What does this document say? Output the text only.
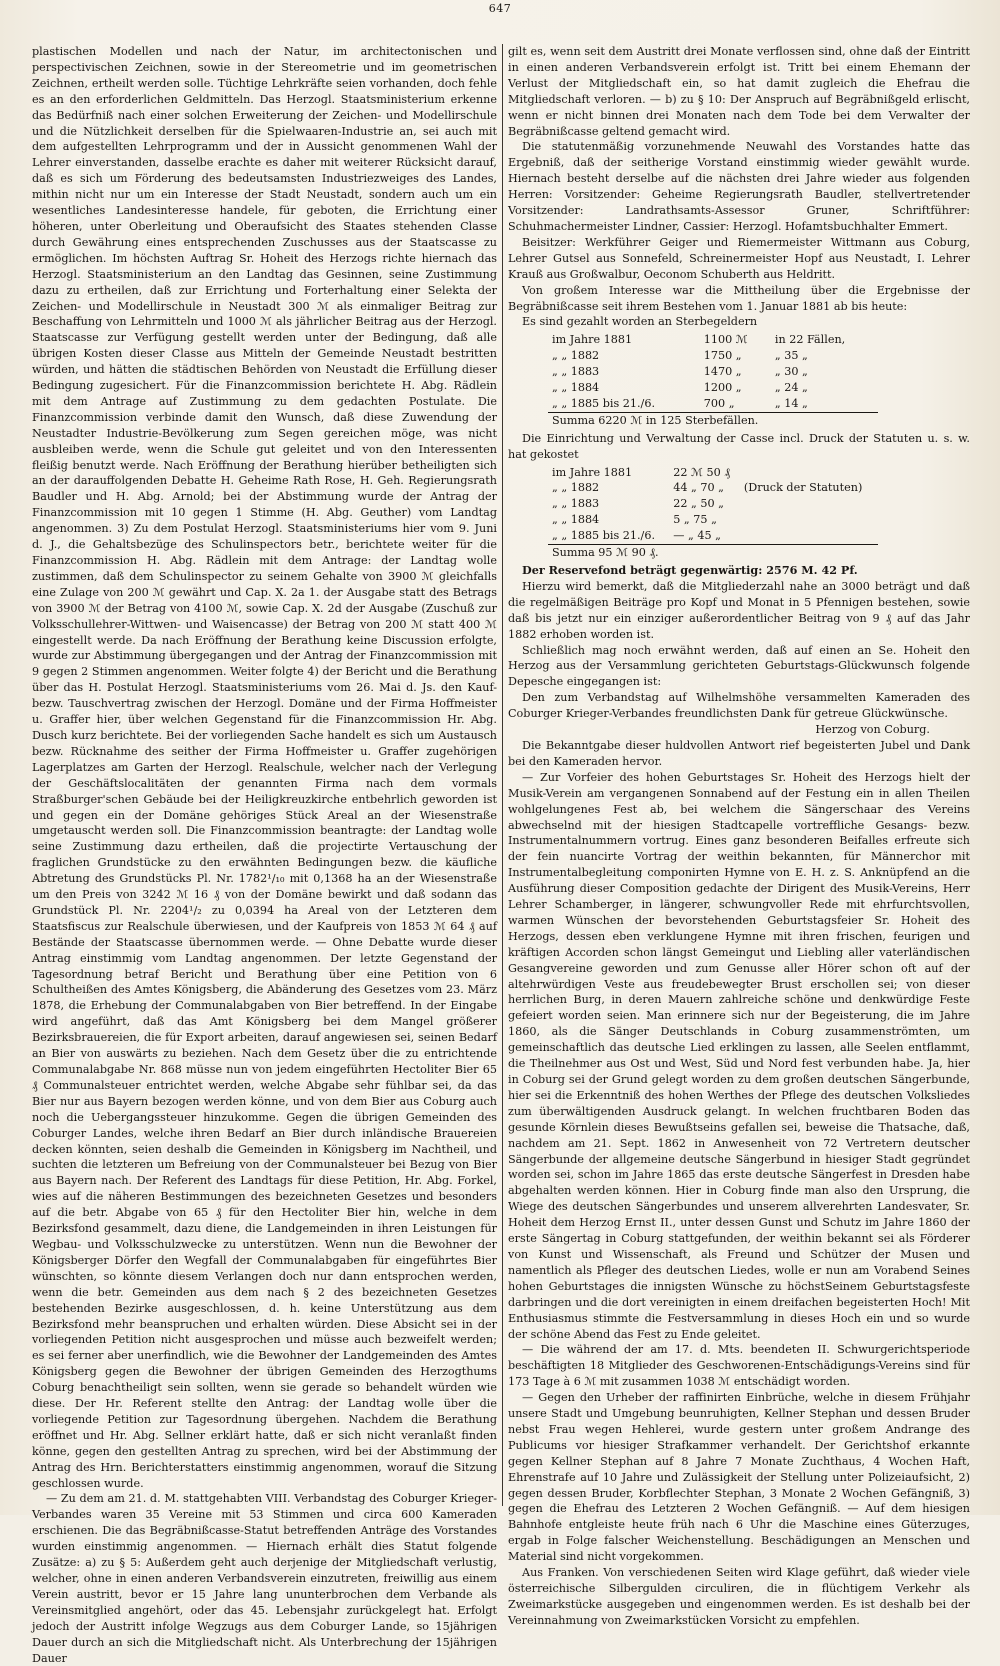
647

plastischen Modellen und nach der Natur, im architectonischen und perspectivischen Zeichnen, sowie in der Stereometrie und im geometrischen Zeichnen, ertheilt werden solle. Tüchtige Lehrkräfte seien vorhanden, doch fehle es an den erforderlichen Geldmitteln. Das Herzogl. Staatsministerium erkenne das Bedürfniß nach einer solchen Erweiterung der Zeichen- und Modellirschule und die Nützlichkeit derselben für die Spielwaaren-Industrie an, sei auch mit dem aufgestellten Lehrprogramm und der in Aussicht genommenen Wahl der Lehrer einverstanden, dasselbe erachte es daher mit weiterer Rücksicht darauf, daß es sich um Förderung des bedeutsamsten Industriezweiges des Landes, mithin nicht nur um ein Interesse der Stadt Neustadt, sondern auch um ein wesentliches Landesinteresse handele, für geboten, die Errichtung einer höheren, unter Oberleitung und Oberaufsicht des Staates stehenden Classe durch Gewährung eines entsprechenden Zuschusses aus der Staatscasse zu ermöglichen. Im höchsten Auftrag Sr. Hoheit des Herzogs richte hiernach das Herzogl. Staatsministerium an den Landtag das Gesinnen, seine Zustimmung dazu zu ertheilen, daß zur Errichtung und Forterhaltung einer Selekta der Zeichen- und Modellirschule in Neustadt 300 ℳ als einmaliger Beitrag zur Beschaffung von Lehrmitteln und 1000 ℳ als jährlicher Beitrag aus der Herzogl. Staatscasse zur Verfügung gestellt werden unter der Bedingung, daß alle übrigen Kosten dieser Classe aus Mitteln der Gemeinde Neustadt bestritten würden, und hätten die städtischen Behörden von Neustadt die Erfüllung dieser Bedingung zugesichert. Für die Finanzcommission berichtete H. Abg. Rädlein mit dem Antrage auf Zustimmung zu dem gedachten Postulate. Die Finanzcommission verbinde damit den Wunsch, daß diese Zuwendung der Neustadter Industrie-Bevölkerung zum Segen gereichen möge, was nicht ausbleiben werde, wenn die Schule gut geleitet und von den Interessenten fleißig benutzt werde. Nach Eröffnung der Berathung hierüber betheiligten sich an der darauffolgenden Debatte H. Geheime Rath Rose, H. Geh. Regierungsrath Baudler und H. Abg. Arnold; bei der Abstimmung wurde der Antrag der Finanzcommission mit 10 gegen 1 Stimme (H. Abg. Geuther) vom Landtag angenommen. 3) Zu dem Postulat Herzogl. Staatsministeriums hier vom 9. Juni d. J., die Gehaltsbezüge des Schulinspectors betr., berichtete weiter für die Finanzcommission H. Abg. Rädlein mit dem Antrage: der Landtag wolle zustimmen, daß dem Schulinspector zu seinem Gehalte von 3900 ℳ gleichfalls eine Zulage von 200 ℳ gewährt und Cap. X. 2a 1. der Ausgabe statt des Betrags von 3900 ℳ der Betrag von 4100 ℳ, sowie Cap. X. 2d der Ausgabe (Zuschuß zur Volksschullehrer-Wittwen- und Waisencasse) der Betrag von 200 ℳ statt 400 ℳ eingestellt werde. Da nach Eröffnung der Berathung keine Discussion erfolgte, wurde zur Abstimmung übergegangen und der Antrag der Finanzcommission mit 9 gegen 2 Stimmen angenommen. Weiter folgte 4) der Bericht und die Berathung über das H. Postulat Herzogl. Staatsministeriums vom 26. Mai d. Js. den Kauf- bezw. Tauschvertrag zwischen der Herzogl. Domäne und der Firma Hoffmeister u. Graffer hier, über welchen Gegenstand für die Finanzcommission Hr. Abg. Dusch kurz berichtete. Bei der vorliegenden Sache handelt es sich um Austausch bezw. Rücknahme des seither der Firma Hoffmeister u. Graffer zugehörigen Lagerplatzes am Garten der Herzogl. Realschule, welcher nach der Verlegung der Geschäftslocalitäten der genannten Firma nach dem vormals Straßburger'schen Gebäude bei der Heiligkreuzkirche entbehrlich geworden ist und gegen ein der Domäne gehöriges Stück Areal an der Wiesenstraße umgetauscht werden soll. Die Finanzcommission beantragte: der Landtag wolle seine Zustimmung dazu ertheilen, daß die projectirte Vertauschung der fraglichen Grundstücke zu den erwähnten Bedingungen bezw. die käufliche Abtretung des Grundstücks Pl. Nr. 1782¹/₁₀ mit 0,1368 ha an der Wiesenstraße um den Preis von 3242 ℳ 16 ₰ von der Domäne bewirkt und daß sodann das Grundstück Pl. Nr. 2204¹/₂ zu 0,0394 ha Areal von der Letzteren dem Staatsfiscus zur Realschule überwiesen, und der Kaufpreis von 1853 ℳ 64 ₰ auf Bestände der Staatscasse übernommen werde. — Ohne Debatte wurde dieser Antrag einstimmig vom Landtag angenommen. Der letzte Gegenstand der Tagesordnung betraf Bericht und Berathung über eine Petition von 6 Schultheißen des Amtes Königsberg, die Abänderung des Gesetzes vom 23. März 1878, die Erhebung der Communalabgaben von Bier betreffend. In der Eingabe wird angeführt, daß das Amt Königsberg bei dem Mangel größerer Bezirksbrauereien, die für Export arbeiten, darauf angewiesen sei, seinen Bedarf an Bier von auswärts zu beziehen. Nach dem Gesetz über die zu entrichtende Communalabgabe Nr. 868 müsse nun von jedem eingeführten Hectoliter Bier 65 ₰ Communalsteuer entrichtet werden, welche Abgabe sehr fühlbar sei, da das Bier nur aus Bayern bezogen werden könne, und von dem Bier aus Coburg auch noch die Uebergangssteuer hinzukomme. Gegen die übrigen Gemeinden des Coburger Landes, welche ihren Bedarf an Bier durch inländische Brauereien decken könnten, seien deshalb die Gemeinden in Königsberg im Nachtheil, und suchten die letzteren um Befreiung von der Communalsteuer bei Bezug von Bier aus Bayern nach. Der Referent des Landtags für diese Petition, Hr. Abg. Forkel, wies auf die näheren Bestimmungen des bezeichneten Gesetzes und besonders auf die betr. Abgabe von 65 ₰ für den Hectoliter Bier hin, welche in dem Bezirksfond gesammelt, dazu diene, die Landgemeinden in ihren Leistungen für Wegbau- und Volksschulzwecke zu unterstützen. Wenn nun die Bewohner der Königsberger Dörfer den Wegfall der Communalabgaben für eingeführtes Bier wünschten, so könnte diesem Verlangen doch nur dann entsprochen werden, wenn die betr. Gemeinden aus dem nach § 2 des bezeichneten Gesetzes bestehenden Bezirke ausgeschlossen, d. h. keine Unterstützung aus dem Bezirksfond mehr beanspruchen und erhalten würden. Diese Absicht sei in der vorliegenden Petition nicht ausgesprochen und müsse auch bezweifelt werden; es sei ferner aber unerfindlich, wie die Bewohner der Landgemeinden des Amtes Königsberg gegen die Bewohner der übrigen Gemeinden des Herzogthums Coburg benachtheiligt sein sollten, wenn sie gerade so behandelt würden wie diese. Der Hr. Referent stellte den Antrag: der Landtag wolle über die vorliegende Petition zur Tagesordnung übergehen. Nachdem die Berathung eröffnet und Hr. Abg. Sellner erklärt hatte, daß er sich nicht veranlaßt finden könne, gegen den gestellten Antrag zu sprechen, wird bei der Abstimmung der Antrag des Hrn. Berichterstatters einstimmig angenommen, worauf die Sitzung geschlossen wurde.

— Zu dem am 21. d. M. stattgehabten VIII. Verbandstag des Coburger Krieger-Verbandes waren 35 Vereine mit 53 Stimmen und circa 600 Kameraden erschienen. Die das Begräbnißcasse-Statut betreffenden Anträge des Vorstandes wurden einstimmig angenommen. — Hiernach erhält dies Statut folgende Zusätze: a) zu § 5: Außerdem geht auch derjenige der Mitgliedschaft verlustig, welcher, ohne in einen anderen Verbandsverein einzutreten, freiwillig aus einem Verein austritt, bevor er 15 Jahre lang ununterbrochen dem Verbande als Vereinsmitglied angehört, oder das 45. Lebensjahr zurückgelegt hat. Erfolgt jedoch der Austritt infolge Wegzugs aus dem Coburger Lande, so 15jährigen Dauer durch an sich die Mitgliedschaft nicht. Als Unterbrechung der 15jährigen Dauer

gilt es, wenn seit dem Austritt drei Monate verflossen sind, ohne daß der Eintritt in einen anderen Verbandsverein erfolgt ist. Tritt bei einem Ehemann der Verlust der Mitgliedschaft ein, so hat damit zugleich die Ehefrau die Mitgliedschaft verloren. — b) zu § 10: Der Anspruch auf Begräbnißgeld erlischt, wenn er nicht binnen drei Monaten nach dem Tode bei dem Verwalter der Begräbnißcasse geltend gemacht wird.

Die statutenmäßig vorzunehmende Neuwahl des Vorstandes hatte das Ergebniß, daß der seitherige Vorstand einstimmig wieder gewählt wurde. Hiernach besteht derselbe auf die nächsten drei Jahre wieder aus folgenden Herren: Vorsitzender: Geheime Regierungsrath Baudler, stellvertretender Vorsitzender: Landrathsamts-Assessor Gruner, Schriftführer: Schuhmachermeister Lindner, Cassier: Herzogl. Hofamtsbuchhalter Emmert.

Beisitzer: Werkführer Geiger und Riemermeister Wittmann aus Coburg, Lehrer Gutsel aus Sonnefeld, Schreinermeister Hopf aus Neustadt, I. Lehrer Krauß aus Großwalbur, Oeconom Schuberth aus Heldritt.

Von großem Interesse war die Mittheilung über die Ergebnisse der Begräbnißcasse seit ihrem Bestehen vom 1. Januar 1881 ab bis heute:

Es sind gezahlt worden an Sterbegeldern

im Jahre 1881	1100 ℳ	in 22 Fällen,
„ „ 1882	1750 „	„ 35 „
„ „ 1883	1470 „	„ 30 „
„ „ 1884	1200 „	„ 24 „
„ „ 1885 bis 21./6.	700 „	„ 14 „
Summa 6220 ℳ in 125 Sterbefällen.		

Die Einrichtung und Verwaltung der Casse incl. Druck der Statuten u. s. w. hat gekostet

im Jahre 1881	22 ℳ 50 ₰	
„ „ 1882	44 „ 70 „	(Druck der Statuten)
„ „ 1883	22 „ 50 „	
„ „ 1884	5 „ 75 „	
„ „ 1885 bis 21./6.	— „ 45 „	
Summa 95 ℳ 90 ₰.		

Der Reservefond beträgt gegenwärtig: 2576 M. 42 Pf.

Hierzu wird bemerkt, daß die Mitgliederzahl nahe an 3000 beträgt und daß die regelmäßigen Beiträge pro Kopf und Monat in 5 Pfennigen bestehen, sowie daß bis jetzt nur ein einziger außerordentlicher Beitrag von 9 ₰ auf das Jahr 1882 erhoben worden ist.

Schließlich mag noch erwähnt werden, daß auf einen an Se. Hoheit den Herzog aus der Versammlung gerichteten Geburtstags-Glückwunsch folgende Depesche eingegangen ist:

Den zum Verbandstag auf Wilhelmshöhe versammelten Kameraden des Coburger Krieger-Verbandes freundlichsten Dank für getreue Glückwünsche.

Herzog von Coburg.

Die Bekanntgabe dieser huldvollen Antwort rief begeisterten Jubel und Dank bei den Kameraden hervor.

— Zur Vorfeier des hohen Geburtstages Sr. Hoheit des Herzogs hielt der Musik-Verein am vergangenen Sonnabend auf der Festung ein in allen Theilen wohlgelungenes Fest ab, bei welchem die Sängerschaar des Vereins abwechselnd mit der hiesigen Stadtcapelle vortreffliche Gesangs- bezw. Instrumentalnummern vortrug. Eines ganz besonderen Beifalles erfreute sich der fein nuancirte Vortrag der weithin bekannten, für Männerchor mit Instrumentalbegleitung componirten Hymne von E. H. z. S. Anknüpfend an die Ausführung dieser Composition gedachte der Dirigent des Musik-Vereins, Herr Lehrer Schamberger, in längerer, schwungvoller Rede mit ehrfurchtsvollen, warmen Wünschen der bevorstehenden Geburtstagsfeier Sr. Hoheit des Herzogs, dessen eben verklungene Hymne mit ihren frischen, feurigen und kräftigen Accorden schon längst Gemeingut und Liebling aller vaterländischen Gesangvereine geworden und zum Genusse aller Hörer schon oft auf der altehrwürdigen Veste aus freudebewegter Brust erschollen sei; von dieser herrlichen Burg, in deren Mauern zahlreiche schöne und denkwürdige Feste gefeiert worden seien. Man erinnere sich nur der Begeisterung, die im Jahre 1860, als die Sänger Deutschlands in Coburg zusammenströmten, um gemeinschaftlich das deutsche Lied erklingen zu lassen, alle Seelen entflammt, die Theilnehmer aus Ost und West, Süd und Nord fest verbunden habe. Ja, hier in Coburg sei der Grund gelegt worden zu dem großen deutschen Sängerbunde, hier sei die Erkenntniß des hohen Werthes der Pflege des deutschen Volksliedes zum überwältigenden Ausdruck gelangt. In welchen fruchtbaren Boden das gesunde Körnlein dieses Bewußtseins gefallen sei, beweise die Thatsache, daß, nachdem am 21. Sept. 1862 in Anwesenheit von 72 Vertretern deutscher Sängerbunde der allgemeine deutsche Sängerbund in hiesiger Stadt gegründet worden sei, schon im Jahre 1865 das erste deutsche Sängerfest in Dresden habe abgehalten werden können. Hier in Coburg finde man also den Ursprung, die Wiege des deutschen Sängerbundes und unserem allverehrten Landesvater, Sr. Hoheit dem Herzog Ernst II., unter dessen Gunst und Schutz im Jahre 1860 der erste Sängertag in Coburg stattgefunden, der weithin bekannt sei als Förderer von Kunst und Wissenschaft, als Freund und Schützer der Musen und namentlich als Pfleger des deutschen Liedes, wolle er nun am Vorabend Seines hohen Geburtstages die innigsten Wünsche zu höchstSeinem Geburtstagsfeste darbringen und die dort vereinigten in einem dreifachen begeisterten Hoch! Mit Enthusiasmus stimmte die Festversammlung in dieses Hoch ein und so wurde der schöne Abend das Fest zu Ende geleitet.

— Die während der am 17. d. Mts. beendeten II. Schwurgerichtsperiode beschäftigten 18 Mitglieder des Geschworenen-Entschädigungs-Vereins sind für 173 Tage à 6 ℳ mit zusammen 1038 ℳ entschädigt worden.

— Gegen den Urheber der raffinirten Einbrüche, welche in diesem Frühjahr unsere Stadt und Umgebung beunruhigten, Kellner Stephan und dessen Bruder nebst Frau wegen Hehlerei, wurde gestern unter großem Andrange des Publicums vor hiesiger Strafkammer verhandelt. Der Gerichtshof erkannte gegen Kellner Stephan auf 8 Jahre 7 Monate Zuchthaus, 4 Wochen Haft, Ehrenstrafe auf 10 Jahre und Zulässigkeit der Stellung unter Polizeiaufsicht, 2) gegen dessen Bruder, Korbflechter Stephan, 3 Monate 2 Wochen Gefängniß, 3) gegen die Ehefrau des Letzteren 2 Wochen Gefängniß. — Auf dem hiesigen Bahnhofe entgleiste heute früh nach 6 Uhr die Maschine eines Güterzuges, ergab in Folge falscher Weichenstellung. Beschädigungen an Menschen und Material sind nicht vorgekommen.

Aus Franken. Von verschiedenen Seiten wird Klage geführt, daß wieder viele österreichische Silbergulden circuliren, die in flüchtigem Verkehr als Zweimarkstücke ausgegeben und eingenommen werden. Es ist deshalb bei der Vereinnahmung von Zweimarkstücken Vorsicht zu empfehlen.
